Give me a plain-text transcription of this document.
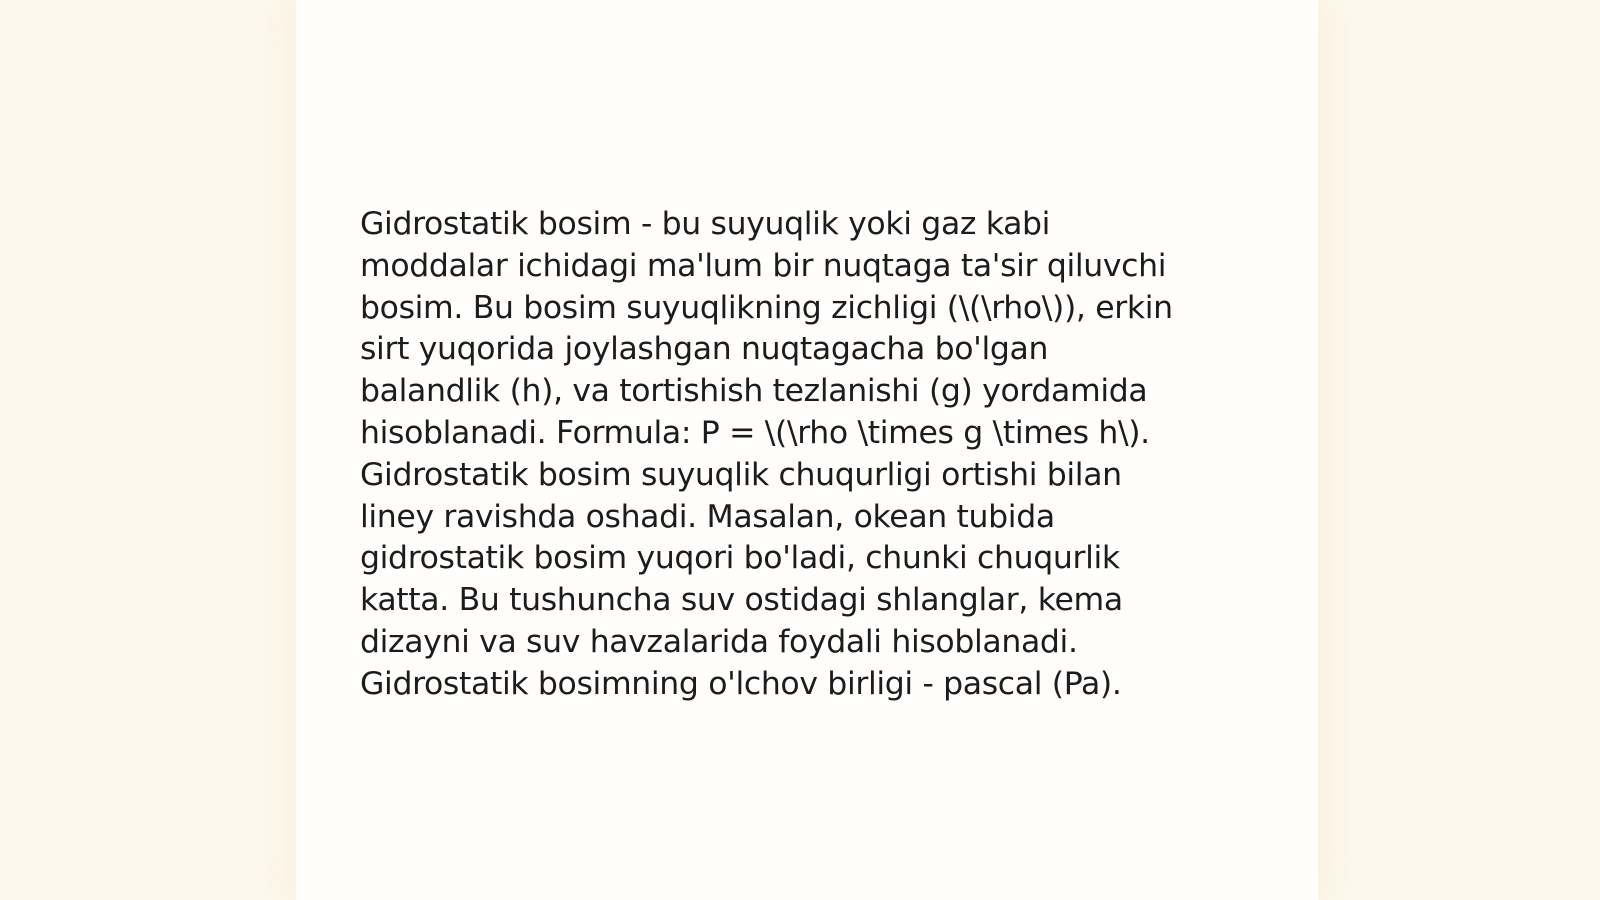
Gidrostatik bosim - bu suyuqlik yoki gaz kabi
moddalar ichidagi ma'lum bir nuqtaga ta'sir qiluvchi
bosim. Bu bosim suyuqlikning zichligi (\(\rho\)), erkin
sirt yuqorida joylashgan nuqtagacha bo'lgan
balandlik (h), va tortishish tezlanishi (g) yordamida
hisoblanadi. Formula: P = \(\rho \times g \times h\).
Gidrostatik bosim suyuqlik chuqurligi ortishi bilan
liney ravishda oshadi. Masalan, okean tubida
gidrostatik bosim yuqori bo'ladi, chunki chuqurlik
katta. Bu tushuncha suv ostidagi shlanglar, kema
dizayni va suv havzalarida foydali hisoblanadi.
Gidrostatik bosimning o'lchov birligi - pascal (Pa).
